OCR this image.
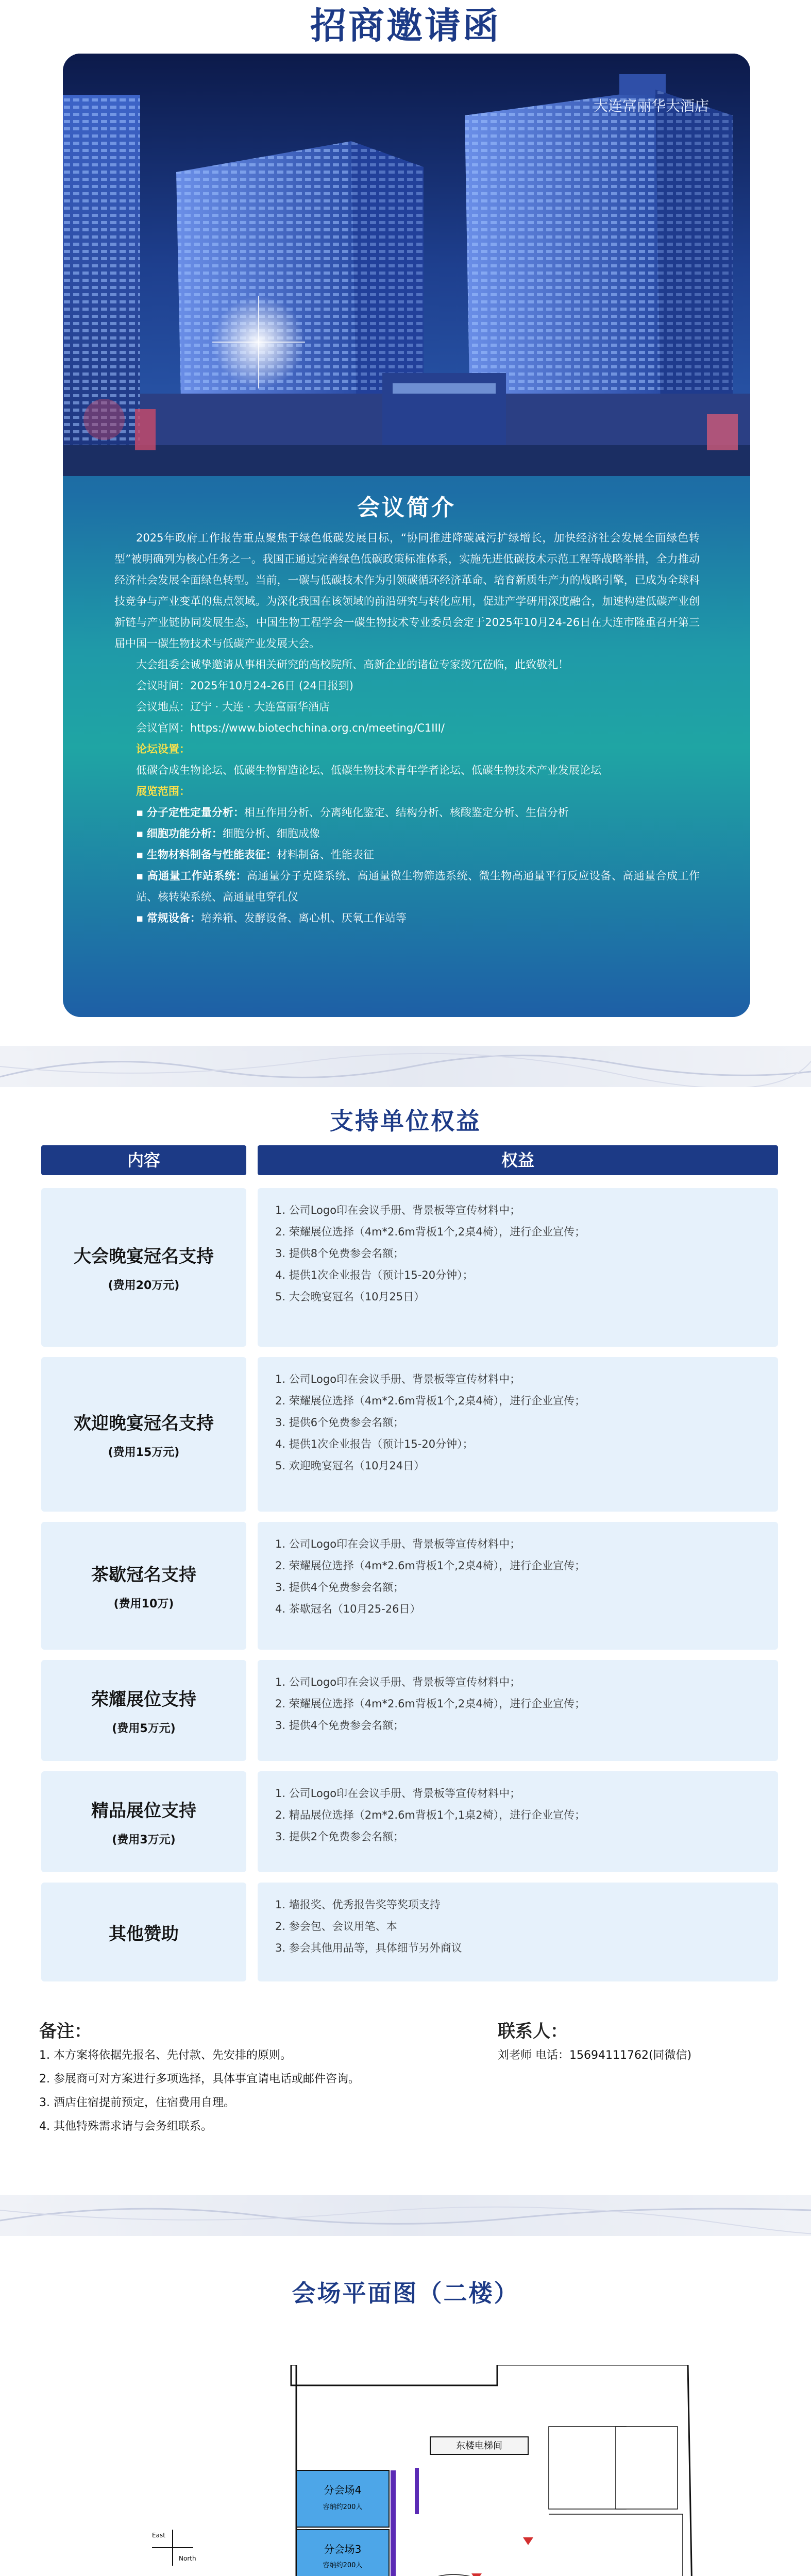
招商邀请函
大连富丽华大酒店
会议简介

2025年政府工作报告重点聚焦于绿色低碳发展目标，“协同推进降碳减污扩绿增长，加快经济社会发展全面绿色转型”被明确列为核心任务之一。我国正通过完善绿色低碳政策标准体系，实施先进低碳技术示范工程等战略举措，全力推动经济社会发展全面绿色转型。当前，一碳与低碳技术作为引领碳循环经济革命、培育新质生产力的战略引擎，已成为全球科技竞争与产业变革的焦点领域。为深化我国在该领域的前沿研究与转化应用，促进产学研用深度融合，加速构建低碳产业创新链与产业链协同发展生态，中国生物工程学会一碳生物技术专业委员会定于2025年10月24-26日在大连市隆重召开第三届中国一碳生物技术与低碳产业发展大会。

大会组委会诚挚邀请从事相关研究的高校院所、高新企业的诸位专家拨冗莅临，此致敬礼！

会议时间：2025年10月24-26日 (24日报到)
会议地点：辽宁 · 大连 · 大连富丽华酒店
会议官网：https://www.biotechchina.org.cn/meeting/C1III/
论坛设置：
低碳合成生物论坛、低碳生物智造论坛、低碳生物技术青年学者论坛、低碳生物技术产业发展论坛
展览范围：
▪ 分子定性定量分析：相互作用分析、分离纯化鉴定、结构分析、核酸鉴定分析、生信分析
▪ 细胞功能分析：细胞分析、细胞成像
▪ 生物材料制备与性能表征：材料制备、性能表征
▪ 高通量工作站系统：高通量分子克隆系统、高通量微生物筛选系统、微生物高通量平行反应设备、高通量合成工作站、核转染系统、高通量电穿孔仪
▪ 常规设备：培养箱、发酵设备、离心机、厌氧工作站等
支持单位权益
内容	权益
大会晚宴冠名支持
(费用20万元)
1. 公司Logo印在会议手册、背景板等宣传材料中；
2. 荣耀展位选择（4m*2.6m背板1个,2桌4椅），进行企业宣传；
3. 提供8个免费参会名额；
4. 提供1次企业报告（预计15-20分钟）；
5. 大会晚宴冠名（10月25日）
欢迎晚宴冠名支持
(费用15万元)
1. 公司Logo印在会议手册、背景板等宣传材料中；
2. 荣耀展位选择（4m*2.6m背板1个,2桌4椅），进行企业宣传；
3. 提供6个免费参会名额；
4. 提供1次企业报告（预计15-20分钟）；
5. 欢迎晚宴冠名（10月24日）
茶歇冠名支持
(费用10万)
1. 公司Logo印在会议手册、背景板等宣传材料中；
2. 荣耀展位选择（4m*2.6m背板1个,2桌4椅），进行企业宣传；
3. 提供4个免费参会名额；
4. 茶歇冠名（10月25-26日）
荣耀展位支持
(费用5万元)
1. 公司Logo印在会议手册、背景板等宣传材料中；
2. 荣耀展位选择（4m*2.6m背板1个,2桌4椅），进行企业宣传；
3. 提供4个免费参会名额；
精品展位支持
(费用3万元)
1. 公司Logo印在会议手册、背景板等宣传材料中；
2. 精品展位选择（2m*2.6m背板1个,1桌2椅），进行企业宣传；
3. 提供2个免费参会名额；
其他赞助
1. 墙报奖、优秀报告奖等奖项支持
2. 参会包、会议用笔、本
3. 参会其他用品等，具体细节另外商议
备注：
1. 本方案将依据先报名、先付款、先安排的原则。
2. 参展商可对方案进行多项选择，具体事宜请电话或邮件咨询。
3. 酒店住宿提前预定，住宿费用自理。
4. 其他特殊需求请与会务组联系。
联系人：
刘老师 电话：15694111762(同微信)
会场平面图（二楼）
东楼电梯间
分会场4
容纳约200人
分会场3
容纳约200人
East
North
